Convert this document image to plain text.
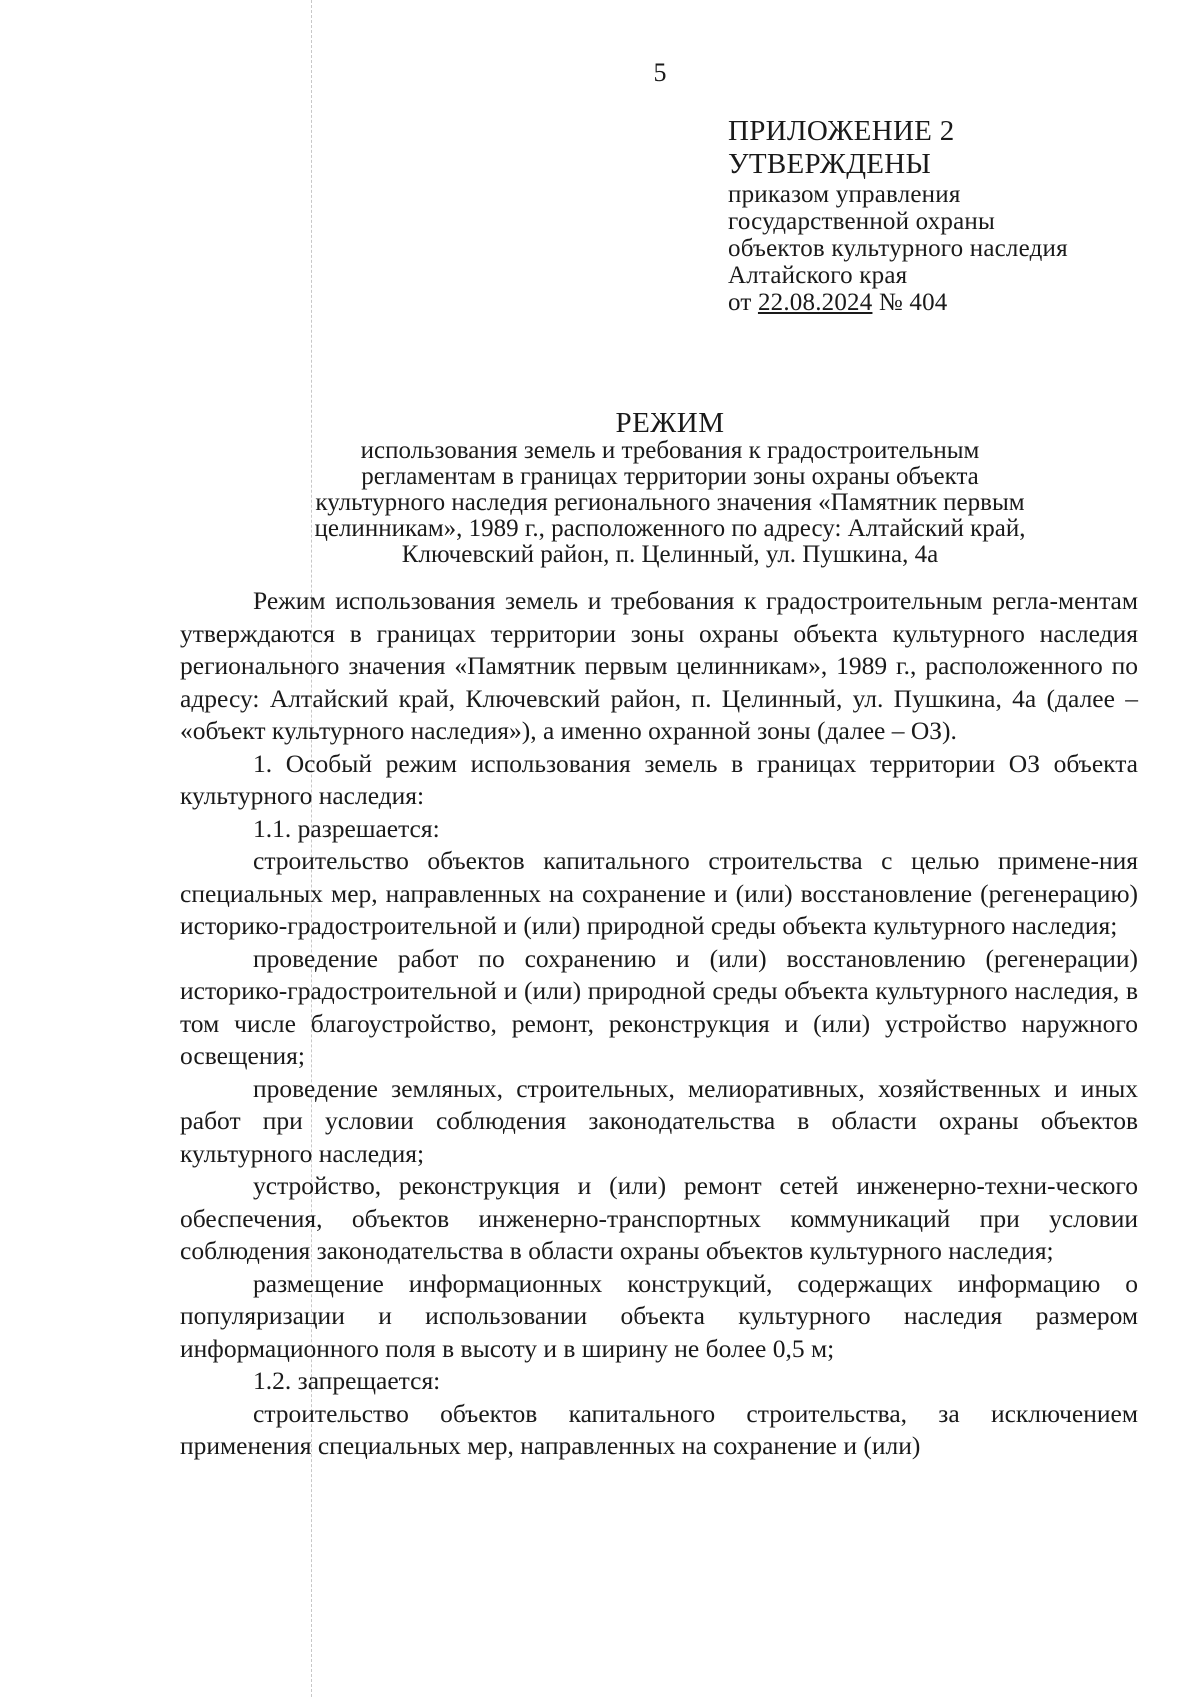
5
ПРИЛОЖЕНИЕ 2
УТВЕРЖДЕНЫ
приказом управления
государственной охраны
объектов культурного наследия
Алтайского края
от 22.08.2024 № 404
РЕЖИМ
использования земель и требования к градостроительным
регламентам в границах территории зоны охраны объекта
культурного наследия регионального значения «Памятник первым
целинникам», 1989 г., расположенного по адресу: Алтайский край,
Ключевский район, п. Целинный, ул. Пушкина, 4а

Режим использования земель и требования к градостроительным регла-ментам утверждаются в границах территории зоны охраны объекта культурного наследия регионального значения «Памятник первым целинникам», 1989 г., расположенного по адресу: Алтайский край, Ключевский район, п. Целинный, ул. Пушкина, 4а (далее – «объект культурного наследия»), а именно охранной зоны (далее – ОЗ).

1. Особый режим использования земель в границах территории ОЗ объекта культурного наследия:

1.1. разрешается:

строительство объектов капитального строительства с целью примене-ния специальных мер, направленных на сохранение и (или) восстановление (регенерацию) историко-градостроительной и (или) природной среды объекта культурного наследия;

проведение работ по сохранению и (или) восстановлению (регенерации) историко-градостроительной и (или) природной среды объекта культурного наследия, в том числе благоустройство, ремонт, реконструкция и (или) устройство наружного освещения;

проведение земляных, строительных, мелиоративных, хозяйственных и иных работ при условии соблюдения законодательства в области охраны объектов культурного наследия;

устройство, реконструкция и (или) ремонт сетей инженерно-техни-ческого обеспечения, объектов инженерно-транспортных коммуникаций при условии соблюдения законодательства в области охраны объектов культурного наследия;

размещение информационных конструкций, содержащих информацию о популяризации и использовании объекта культурного наследия размером информационного поля в высоту и в ширину не более 0,5 м;

1.2. запрещается:

строительство объектов капитального строительства, за исключением применения специальных мер, направленных на сохранение и (или)
